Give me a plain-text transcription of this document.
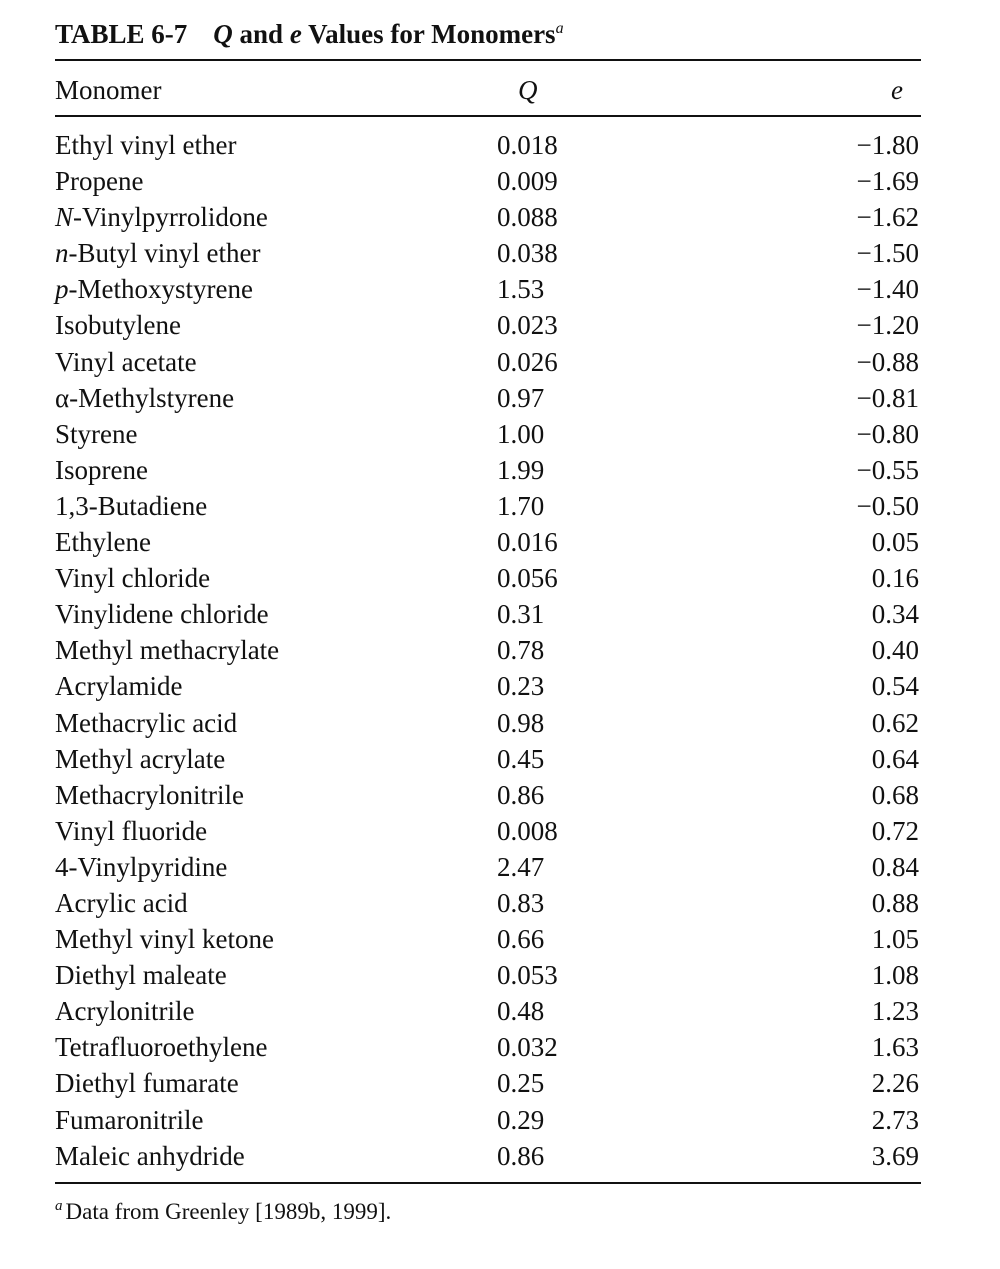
TABLE 6-7 Q and e Values for Monomers$^a$
Monomer	Q	e
Ethyl vinyl ether	0.018	−1.80
Propene	0.009	−1.69
N-Vinylpyrrolidone	0.088	−1.62
n-Butyl vinyl ether	0.038	−1.50
p-Methoxystyrene	1.53	−1.40
Isobutylene	0.023	−1.20
Vinyl acetate	0.026	−0.88
α-Methylstyrene	0.97	−0.81
Styrene	1.00	−0.80
Isoprene	1.99	−0.55
1,3-Butadiene	1.70	−0.50
Ethylene	0.016	0.05
Vinyl chloride	0.056	0.16
Vinylidene chloride	0.31	0.34
Methyl methacrylate	0.78	0.40
Acrylamide	0.23	0.54
Methacrylic acid	0.98	0.62
Methyl acrylate	0.45	0.64
Methacrylonitrile	0.86	0.68
Vinyl fluoride	0.008	0.72
4-Vinylpyridine	2.47	0.84
Acrylic acid	0.83	0.88
Methyl vinyl ketone	0.66	1.05
Diethyl maleate	0.053	1.08
Acrylonitrile	0.48	1.23
Tetrafluoroethylene	0.032	1.63
Diethyl fumarate	0.25	2.26
Fumaronitrile	0.29	2.73
Maleic anhydride	0.86	3.69
$^a$ Data from Greenley [1989b, 1999].
